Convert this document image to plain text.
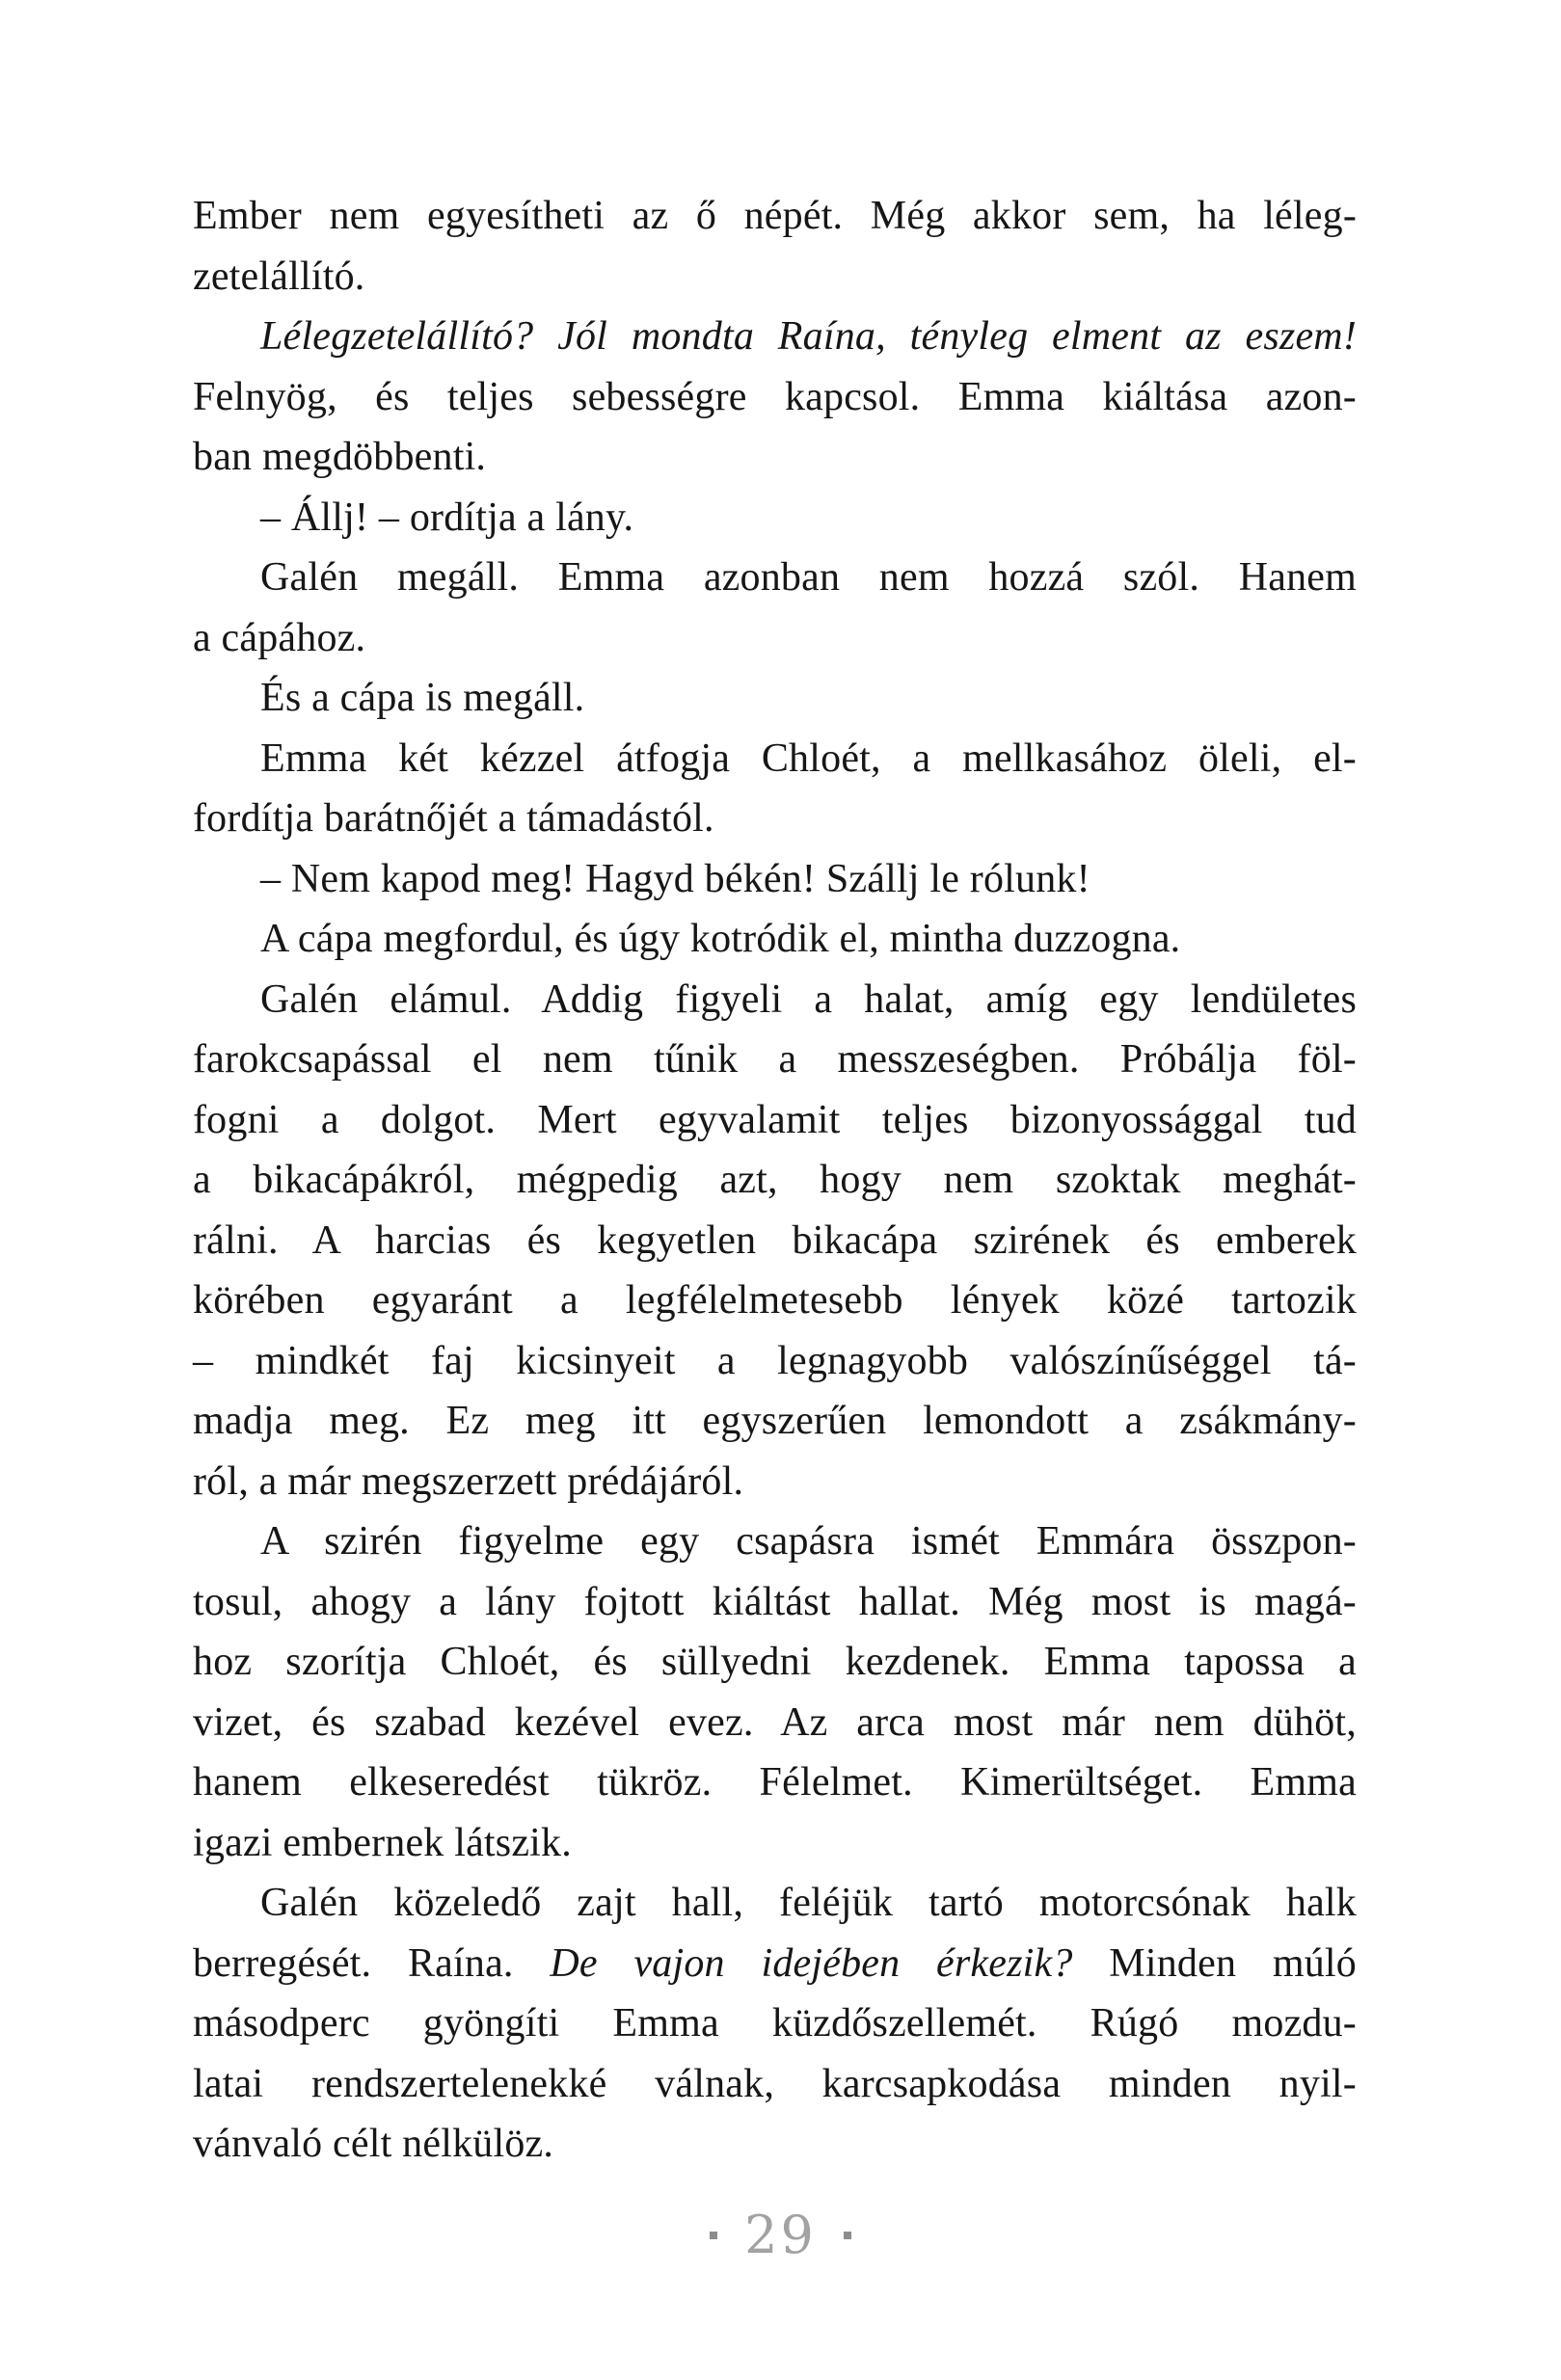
Ember nem egyesítheti az ő népét. Még akkor sem, ha léleg-
zetelállító.
Lélegzetelállító? Jól mondta Raína, tényleg elment az eszem!
Felnyög, és teljes sebességre kapcsol. Emma kiáltása azon-
ban megdöbbenti.
– Állj! – ordítja a lány.
Galén megáll. Emma azonban nem hozzá szól. Hanem
a cápához.
És a cápa is megáll.
Emma két kézzel átfogja Chloét, a mellkasához öleli, el-
fordítja barátnőjét a támadástól.
– Nem kapod meg! Hagyd békén! Szállj le rólunk!
A cápa megfordul, és úgy kotródik el, mintha duzzogna.
Galén elámul. Addig figyeli a halat, amíg egy lendületes
farokcsapással el nem tűnik a messzeségben. Próbálja föl-
fogni a dolgot. Mert egyvalamit teljes bizonyossággal tud
a bikacápákról, mégpedig azt, hogy nem szoktak meghát-
rálni. A harcias és kegyetlen bikacápa szirének és emberek
körében egyaránt a legfélelmetesebb lények közé tartozik
– mindkét faj kicsinyeit a legnagyobb valószínűséggel tá-
madja meg. Ez meg itt egyszerűen lemondott a zsákmány-
ról, a már megszerzett prédájáról.
A szirén figyelme egy csapásra ismét Emmára összpon-
tosul, ahogy a lány fojtott kiáltást hallat. Még most is magá-
hoz szorítja Chloét, és süllyedni kezdenek. Emma tapossa a
vizet, és szabad kezével evez. Az arca most már nem dühöt,
hanem elkeseredést tükröz. Félelmet. Kimerültséget. Emma
igazi embernek látszik.
Galén közeledő zajt hall, feléjük tartó motorcsónak halk
berregését. Raína. De vajon idejében érkezik? Minden múló
másodperc gyöngíti Emma küzdőszellemét. Rúgó mozdu-
latai rendszertelenekké válnak, karcsapkodása minden nyil-
vánvaló célt nélkülöz.
29
